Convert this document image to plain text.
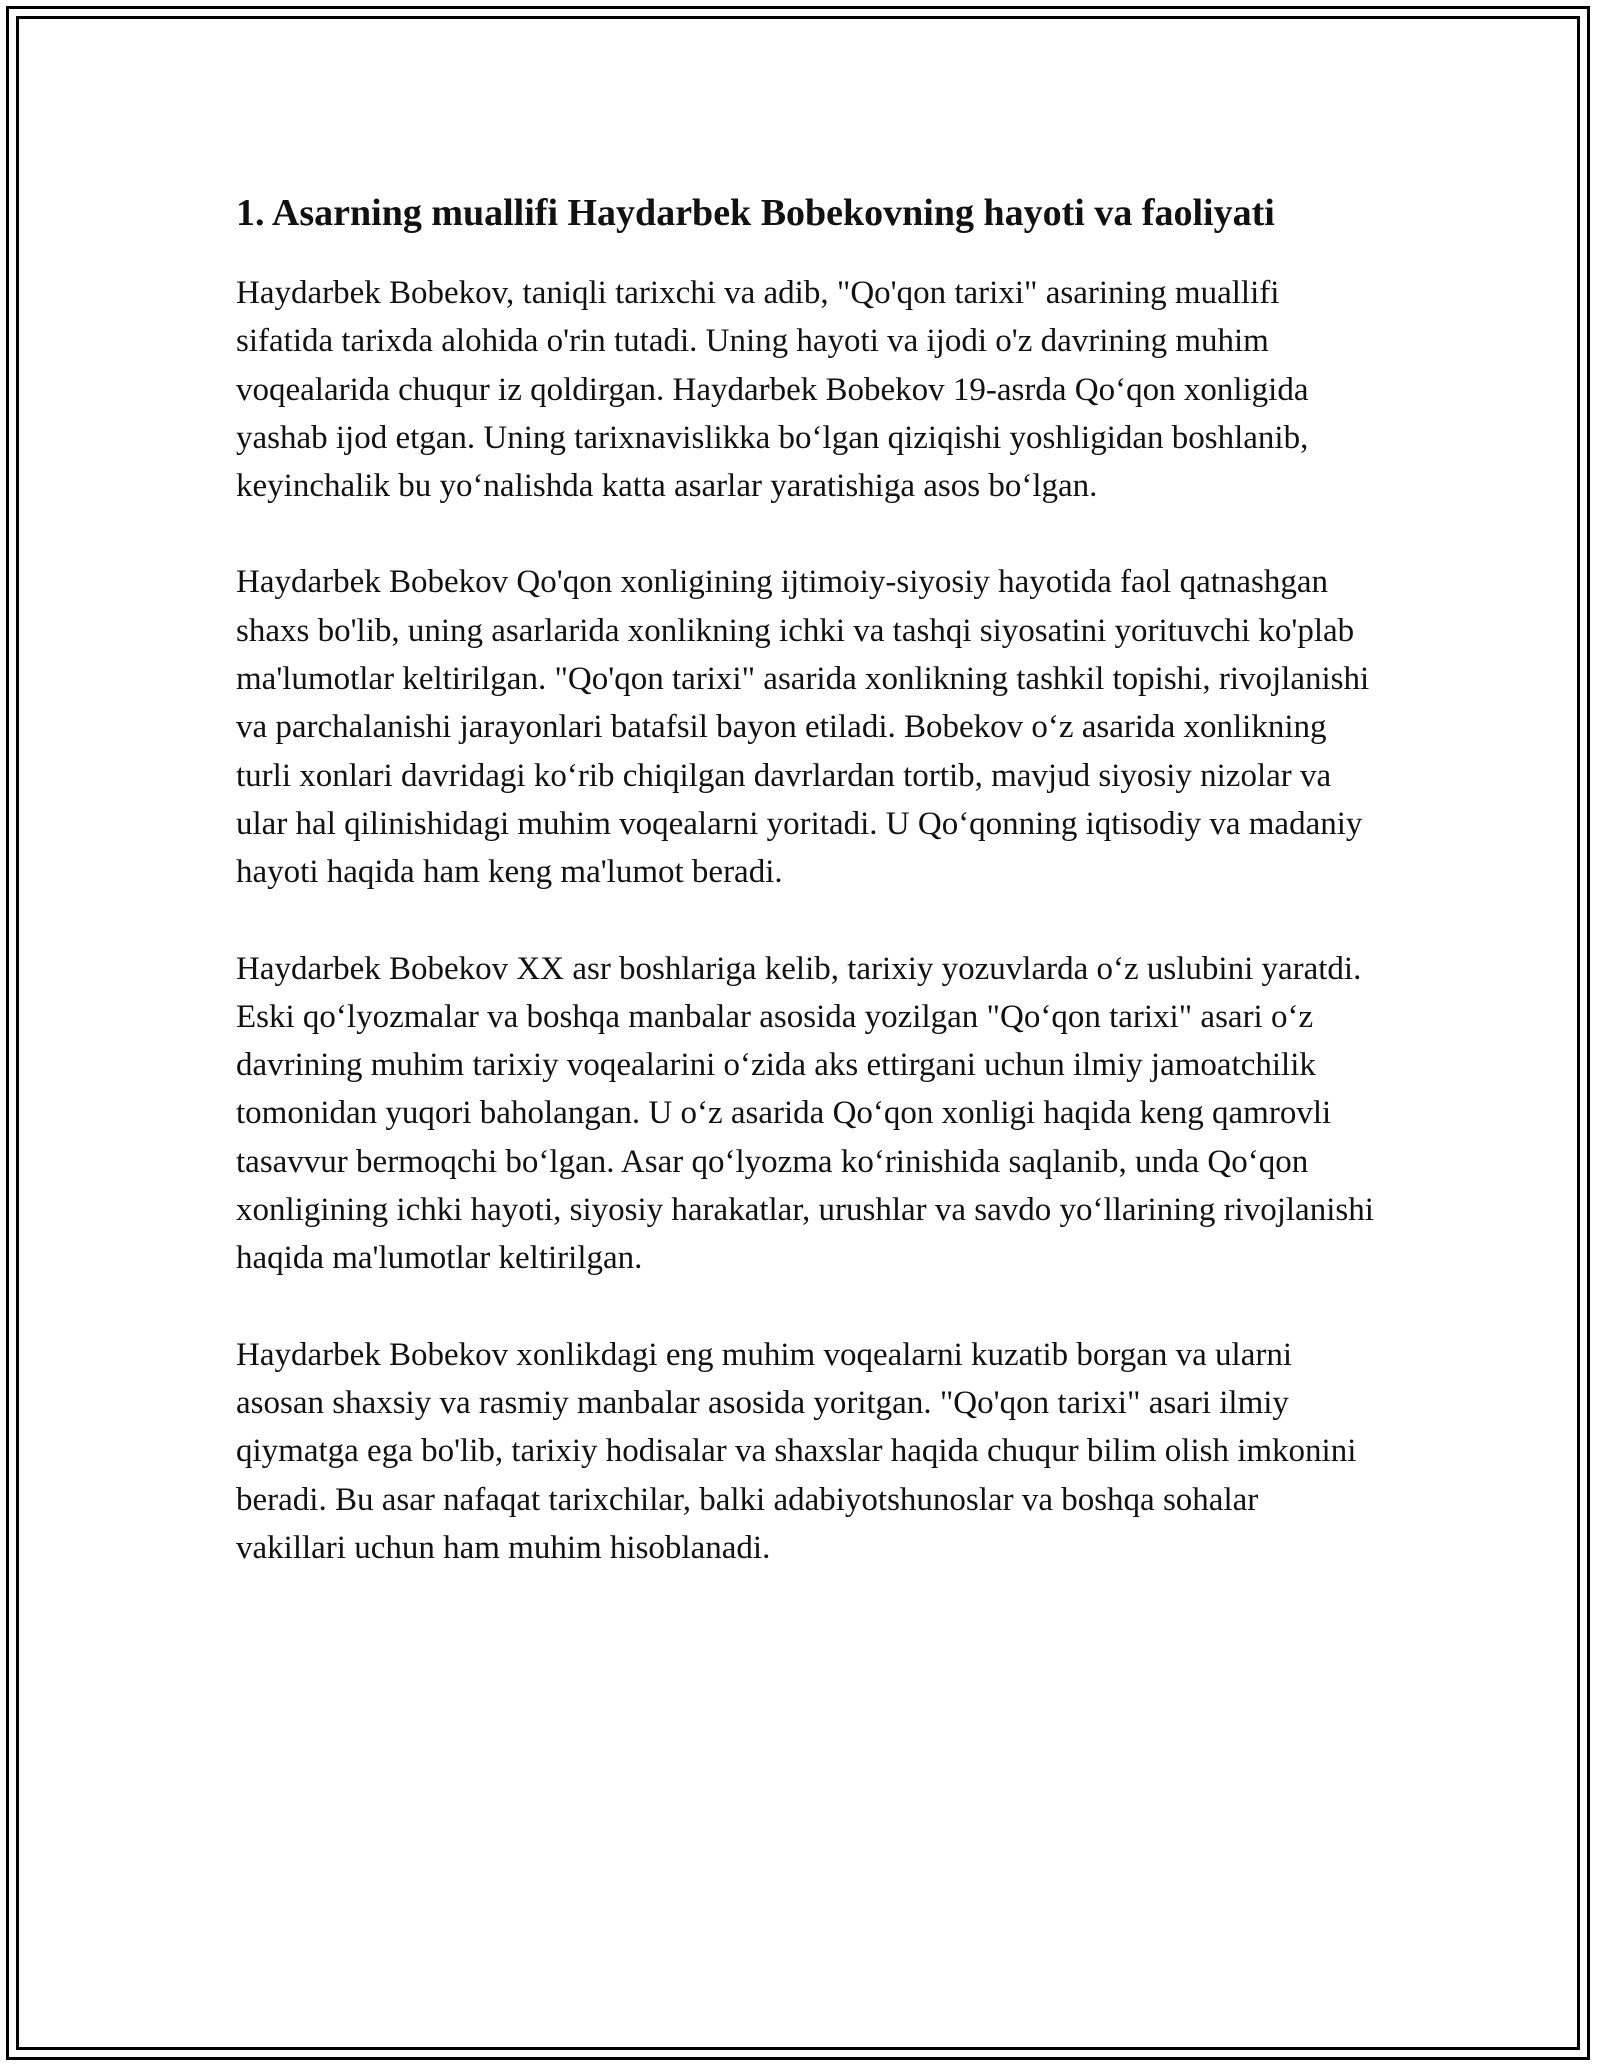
1. Asarning muallifi Haydarbek Bobekovning hayoti va faoliyati

Haydarbek Bobekov, taniqli tarixchi va adib, "Qo'qon tarixi" asarining muallifi sifatida tarixda alohida o'rin tutadi. Uning hayoti va ijodi o'z davrining muhim voqealarida chuqur iz qoldirgan. Haydarbek Bobekov 19-asrda Qo‘qon xonligida yashab ijod etgan. Uning tarixnavislikka bo‘lgan qiziqishi yoshligidan boshlanib, keyinchalik bu yo‘nalishda katta asarlar yaratishiga asos bo‘lgan.

Haydarbek Bobekov Qo'qon xonligining ijtimoiy-siyosiy hayotida faol qatnashgan shaxs bo'lib, uning asarlarida xonlikning ichki va tashqi siyosatini yorituvchi ko'plab ma'lumotlar keltirilgan. "Qo'qon tarixi" asarida xonlikning tashkil topishi, rivojlanishi va parchalanishi jarayonlari batafsil bayon etiladi. Bobekov o‘z asarida xonlikning turli xonlari davridagi ko‘rib chiqilgan davrlardan tortib, mavjud siyosiy nizolar va ular hal qilinishidagi muhim voqealarni yoritadi. U Qo‘qonning iqtisodiy va madaniy hayoti haqida ham keng ma'lumot beradi.

Haydarbek Bobekov XX asr boshlariga kelib, tarixiy yozuvlarda o‘z uslubini yaratdi. Eski qo‘lyozmalar va boshqa manbalar asosida yozilgan "Qo‘qon tarixi" asari o‘z davrining muhim tarixiy voqealarini o‘zida aks ettirgani uchun ilmiy jamoatchilik tomonidan yuqori baholangan. U o‘z asarida Qo‘qon xonligi haqida keng qamrovli tasavvur bermoqchi bo‘lgan. Asar qo‘lyozma ko‘rinishida saqlanib, unda Qo‘qon xonligining ichki hayoti, siyosiy harakatlar, urushlar va savdo yo‘llarining rivojlanishi haqida ma'lumotlar keltirilgan.

Haydarbek Bobekov xonlikdagi eng muhim voqealarni kuzatib borgan va ularni asosan shaxsiy va rasmiy manbalar asosida yoritgan. "Qo'qon tarixi" asari ilmiy qiymatga ega bo'lib, tarixiy hodisalar va shaxslar haqida chuqur bilim olish imkonini beradi. Bu asar nafaqat tarixchilar, balki adabiyotshunoslar va boshqa sohalar vakillari uchun ham muhim hisoblanadi.
